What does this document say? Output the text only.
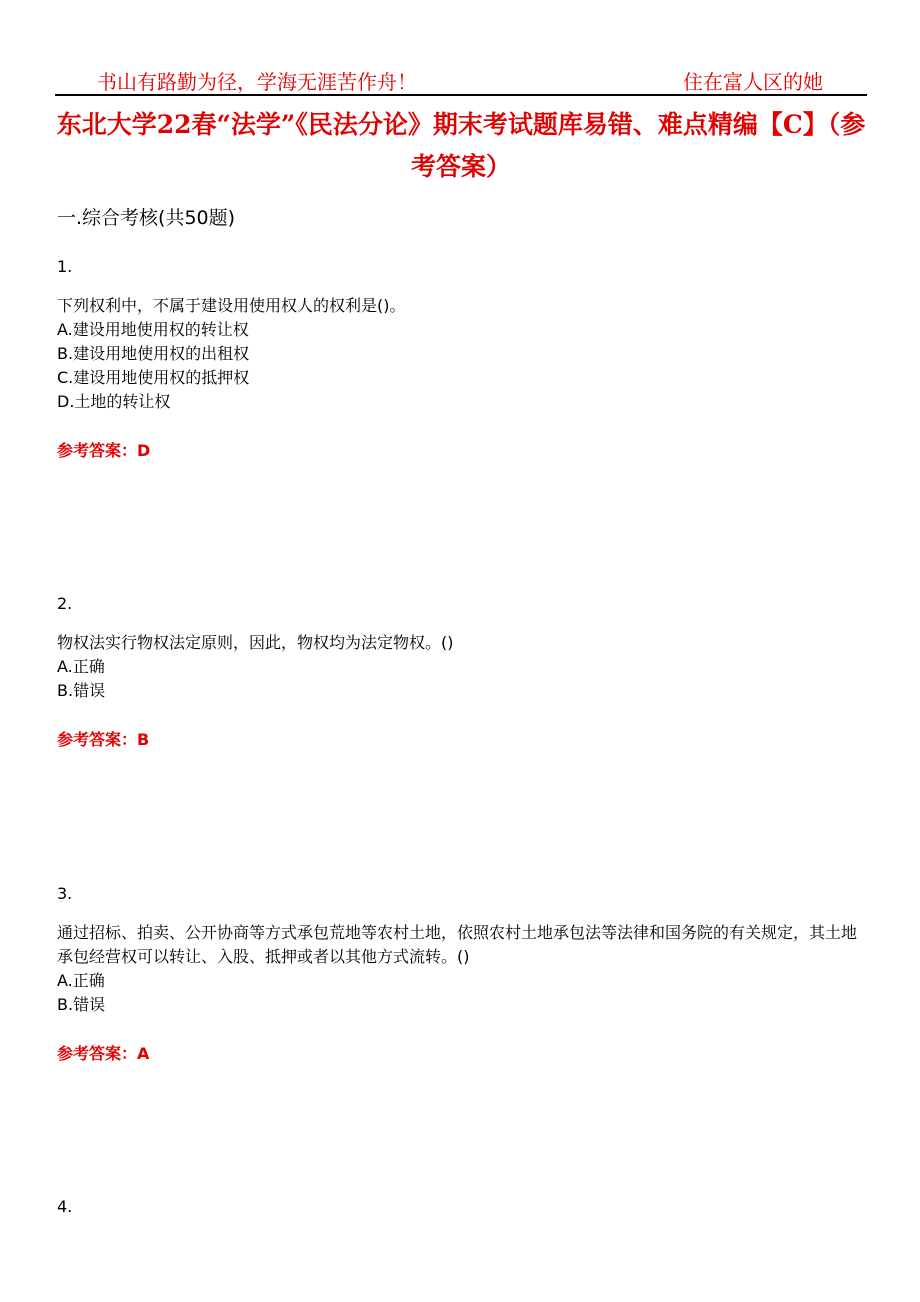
书山有路勤为径，学海无涯苦作舟！	住在富人区的她
东北大学22春“法学”《民法分论》期末考试题库易错、难点精编【C】（参考答案）
一.综合考核(共50题)
1.
下列权利中，不属于建设用使用权人的权利是()。
A.建设用地使用权的转让权
B.建设用地使用权的出租权
C.建设用地使用权的抵押权
D.土地的转让权
参考答案：D
2.
物权法实行物权法定原则，因此，物权均为法定物权。()
A.正确
B.错误
参考答案：B
3.
通过招标、拍卖、公开协商等方式承包荒地等农村土地，依照农村土地承包法等法律和国务院的有关规定，其土地承包经营权可以转让、入股、抵押或者以其他方式流转。()
A.正确
B.错误
参考答案：A
4.
